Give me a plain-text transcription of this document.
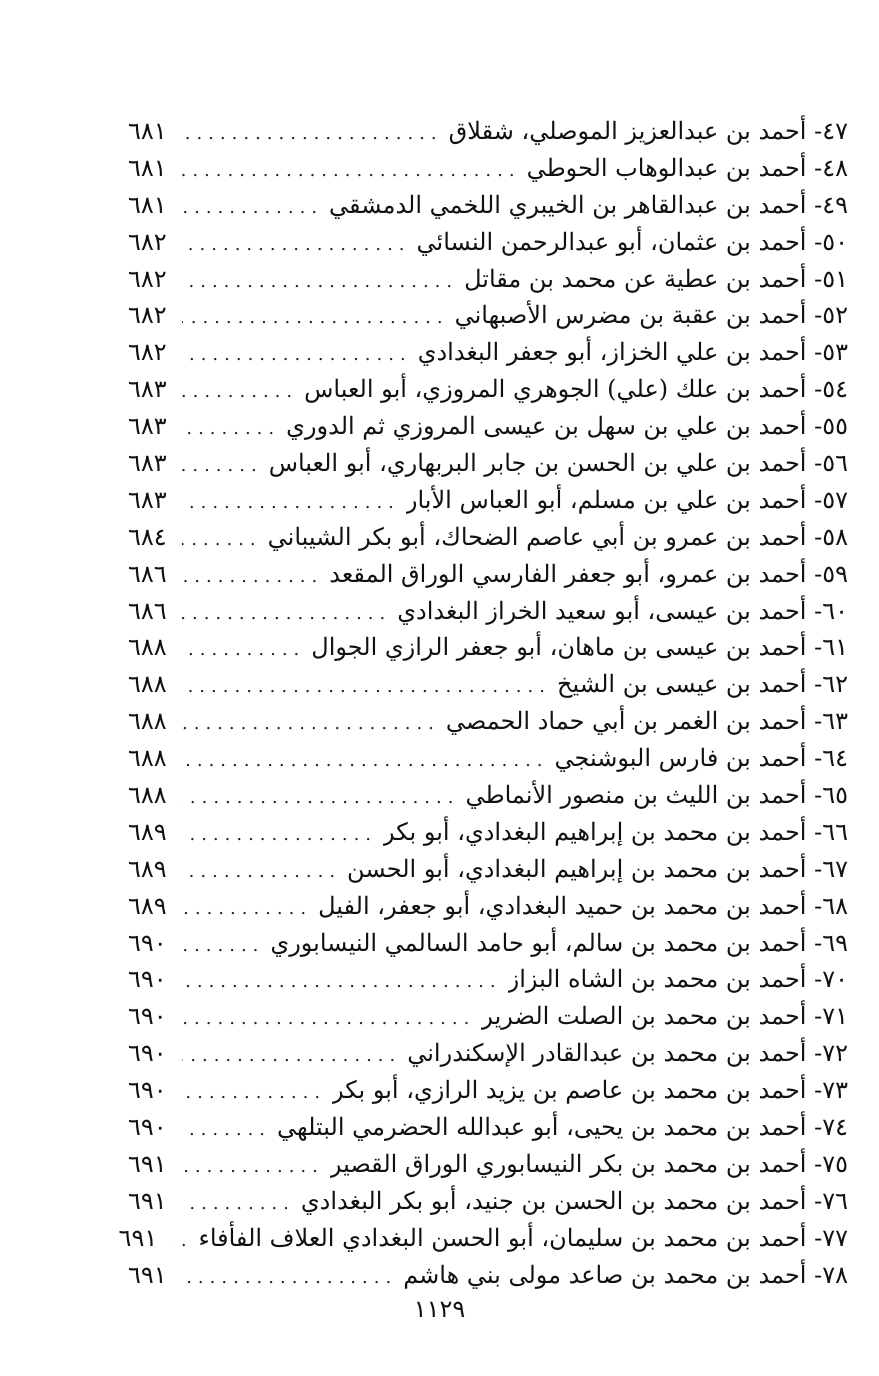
٤٧-

أحمد بن عبدالعزيز الموصلي، شقلاق
.....
٦٨١
٤٨-

أحمد بن عبدالوهاب الحوطي
.....
٦٨١
٤٩-

أحمد بن عبدالقاهر بن الخيبري اللخمي الدمشقي
.....
٦٨١
٥٠-

أحمد بن عثمان، أبو عبدالرحمن النسائي
.....
٦٨٢
٥١-

أحمد بن عطية عن محمد بن مقاتل
.....
٦٨٢
٥٢-

أحمد بن عقبة بن مضرس الأصبهاني
.....
٦٨٢
٥٣-

أحمد بن علي الخزاز، أبو جعفر البغدادي
.....
٦٨٢
٥٤-

أحمد بن علك (علي) الجوهري المروزي، أبو العباس
.....
٦٨٣
٥٥-

أحمد بن علي بن سهل بن عيسى المروزي ثم الدوري
.....
٦٨٣
٥٦-

أحمد بن علي بن الحسن بن جابر البربهاري، أبو العباس
.....
٦٨٣
٥٧-

أحمد بن علي بن مسلم، أبو العباس الأبار
.....
٦٨٣
٥٨-

أحمد بن عمرو بن أبي عاصم الضحاك، أبو بكر الشيباني
.....
٦٨٤
٥٩-

أحمد بن عمرو، أبو جعفر الفارسي الوراق المقعد
.....
٦٨٦
٦٠-

أحمد بن عيسى، أبو سعيد الخراز البغدادي
.....
٦٨٦
٦١-

أحمد بن عيسى بن ماهان، أبو جعفر الرازي الجوال
.....
٦٨٨
٦٢-

أحمد بن عيسى بن الشيخ
.....
٦٨٨
٦٣-

أحمد بن الغمر بن أبي حماد الحمصي
.....
٦٨٨
٦٤-

أحمد بن فارس البوشنجي
.....
٦٨٨
٦٥-

أحمد بن الليث بن منصور الأنماطي
.....
٦٨٨
٦٦-

أحمد بن محمد بن إبراهيم البغدادي، أبو بكر
.....
٦٨٩
٦٧-

أحمد بن محمد بن إبراهيم البغدادي، أبو الحسن
.....
٦٨٩
٦٨-

أحمد بن محمد بن حميد البغدادي، أبو جعفر، الفيل
.....
٦٨٩
٦٩-

أحمد بن محمد بن سالم، أبو حامد السالمي النيسابوري
.....
٦٩٠
٧٠-

أحمد بن محمد بن الشاه البزاز
.....
٦٩٠
٧١-

أحمد بن محمد بن الصلت الضرير
.....
٦٩٠
٧٢-

أحمد بن محمد بن عبدالقادر الإسكندراني
.....
٦٩٠
٧٣-

أحمد بن محمد بن عاصم بن يزيد الرازي، أبو بكر
.....
٦٩٠
٧٤-

أحمد بن محمد بن يحيى، أبو عبدالله الحضرمي البتلهي
.....
٦٩٠
٧٥-

أحمد بن محمد بن بكر النيسابوري الوراق القصير
.....
٦٩١
٧٦-

أحمد بن محمد بن الحسن بن جنيد، أبو بكر البغدادي
.....
٦٩١
٧٧-

أحمد بن محمد بن سليمان، أبو الحسن البغدادي العلاف الفأفاء
.....
٦٩١
٧٨-

أحمد بن محمد بن صاعد مولى بني هاشم
.....
٦٩١
١١٢٩
